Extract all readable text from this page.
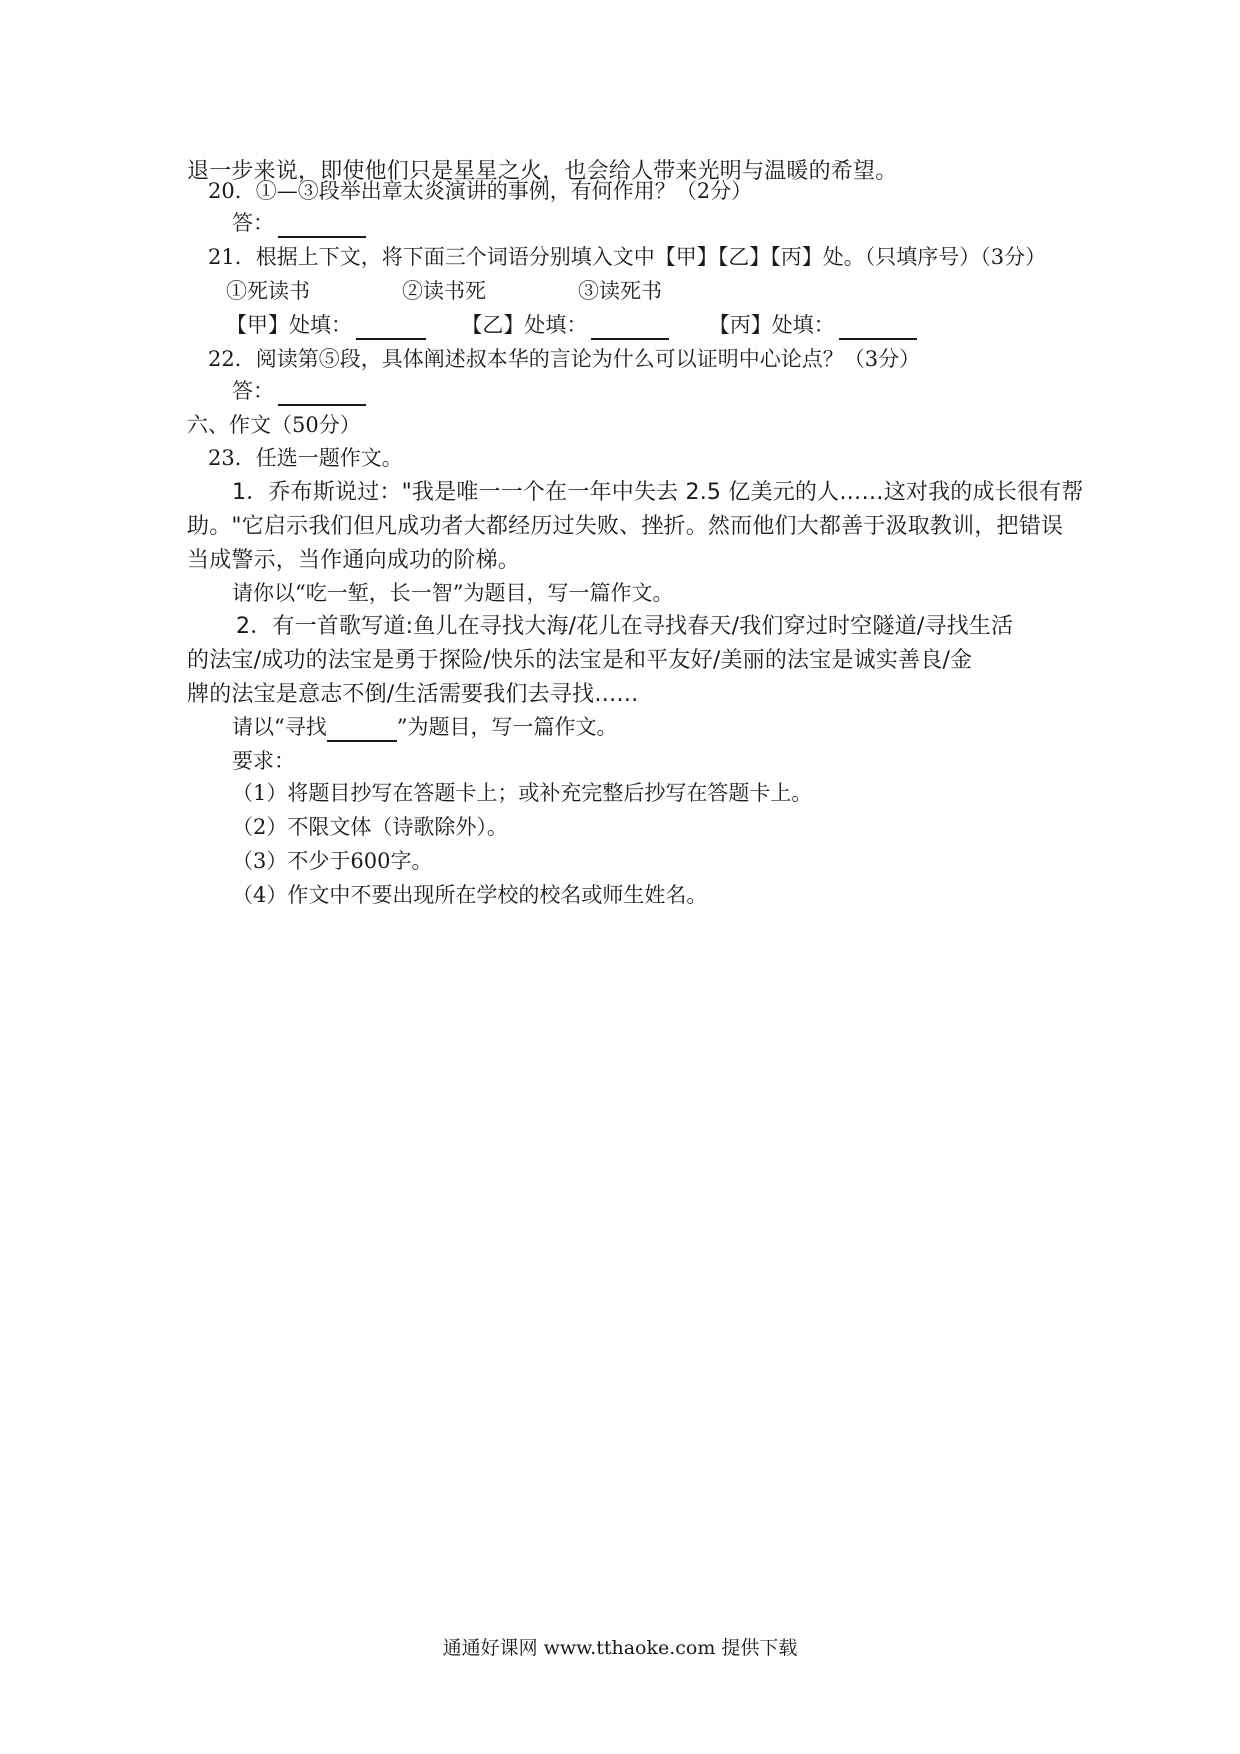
退一步来说，即使他们只是星星之火，也会给人带来光明与温暖的希望。
20．①—③段举出章太炎演讲的事例，有何作用？（2分）
答：
21．根据上下文，将下面三个词语分别填入文中【甲】【乙】【丙】处。（只填序号）（3分）
①死读书	②读书死	③读死书
【甲】处填：	【乙】处填：	【丙】处填：
22．阅读第⑤段，具体阐述叔本华的言论为什么可以证明中心论点？（3分）
答：
六、作文（50分）
23．任选一题作文。
1．乔布斯说过："我是唯一一个在一年中失去 2.5 亿美元的人……这对我的成长很有帮
助。"它启示我们但凡成功者大都经历过失败、挫折。然而他们大都善于汲取教训，把错误
当成警示，当作通向成功的阶梯。
请你以“吃一堑，长一智”为题目，写一篇作文。
2．有一首歌写道:鱼儿在寻找大海/花儿在寻找春天/我们穿过时空隧道/寻找生活
的法宝/成功的法宝是勇于探险/快乐的法宝是和平友好/美丽的法宝是诚实善良/金
牌的法宝是意志不倒/生活需要我们去寻找……
请以“寻找	”为题目，写一篇作文。
要求：
（1）将题目抄写在答题卡上；或补充完整后抄写在答题卡上。
（2）不限文体（诗歌除外）。
（3）不少于600字。
（4）作文中不要出现所在学校的校名或师生姓名。
通通好课网 www.tthaoke.com 提供下载
